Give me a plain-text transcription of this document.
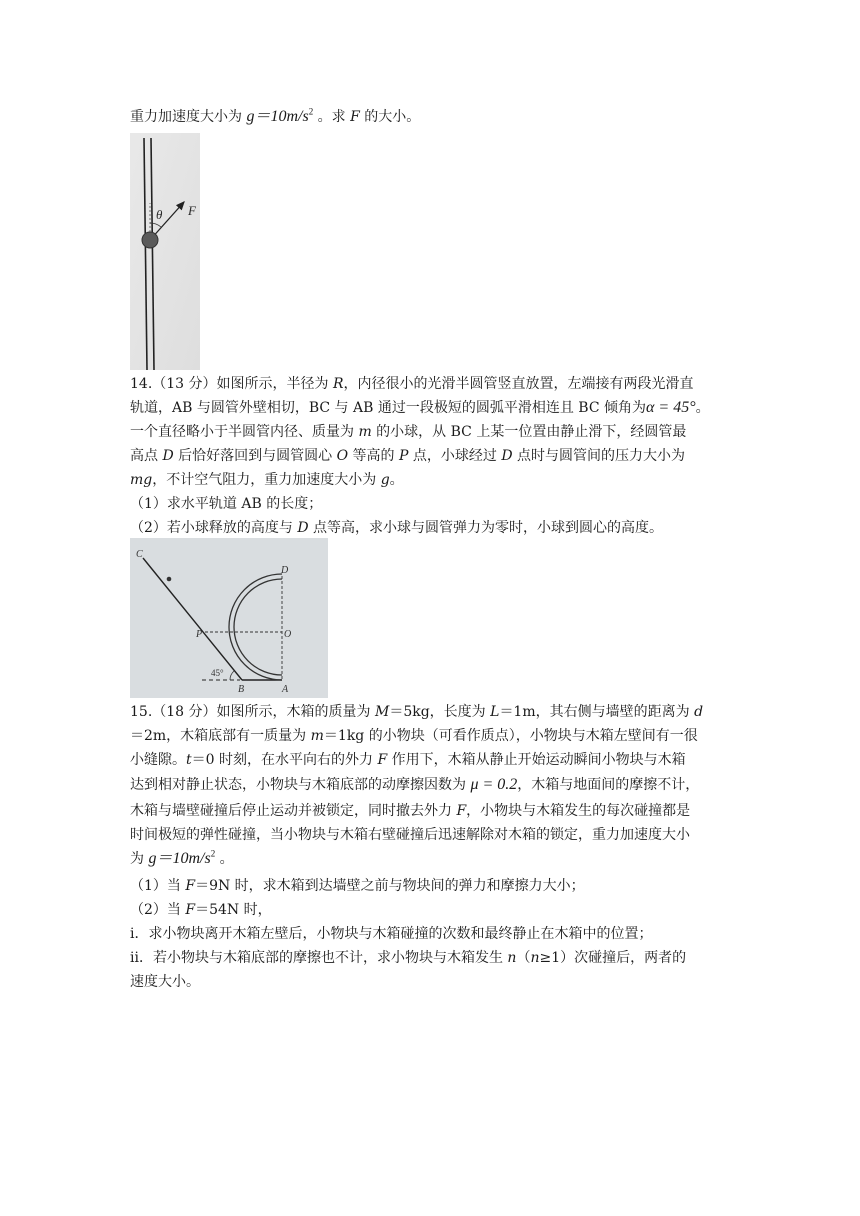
重力加速度大小为 $g=10m/s^2$ 。求 F 的大小。
θ F
14.（13 分）如图所示，半径为 R，内径很小的光滑半圆管竖直放置，左端接有两段光滑直
轨道，AB 与圆管外壁相切，BC 与 AB 通过一段极短的圆弧平滑相连且 BC 倾角为α = 45°。
一个直径略小于半圆管内径、质量为 m 的小球，从 BC 上某一位置由静止滑下，经圆管最
高点 D 后恰好落回到与圆管圆心 O 等高的 P 点，小球经过 D 点时与圆管间的压力大小为
mg，不计空气阻力，重力加速度大小为 g。
（1）求水平轨道 AB 的长度；
（2）若小球释放的高度与 D 点等高，求小球与圆管弹力为零时，小球到圆心的高度。
C
D
P	O
45°
B	A
15.（18 分）如图所示，木箱的质量为 M＝5kg，长度为 L＝1m，其右侧与墙壁的距离为 d
＝2m，木箱底部有一质量为 m＝1kg 的小物块（可看作质点），小物块与木箱左壁间有一很
小缝隙。t＝0 时刻，在水平向右的外力 F 作用下，木箱从静止开始运动瞬间小物块与木箱
达到相对静止状态，小物块与木箱底部的动摩擦因数为 μ = 0.2，木箱与地面间的摩擦不计，
木箱与墙壁碰撞后停止运动并被锁定，同时撤去外力 F，小物块与木箱发生的每次碰撞都是
时间极短的弹性碰撞，当小物块与木箱右壁碰撞后迅速解除对木箱的锁定，重力加速度大小
为 $g=10m/s^2$ 。
（1）当 F＝9N 时，求木箱到达墙壁之前与物块间的弹力和摩擦力大小；
（2）当 F＝54N 时，
i．求小物块离开木箱左壁后，小物块与木箱碰撞的次数和最终静止在木箱中的位置；
ii．若小物块与木箱底部的摩擦也不计，求小物块与木箱发生 n（n≥1）次碰撞后，两者的
速度大小。
